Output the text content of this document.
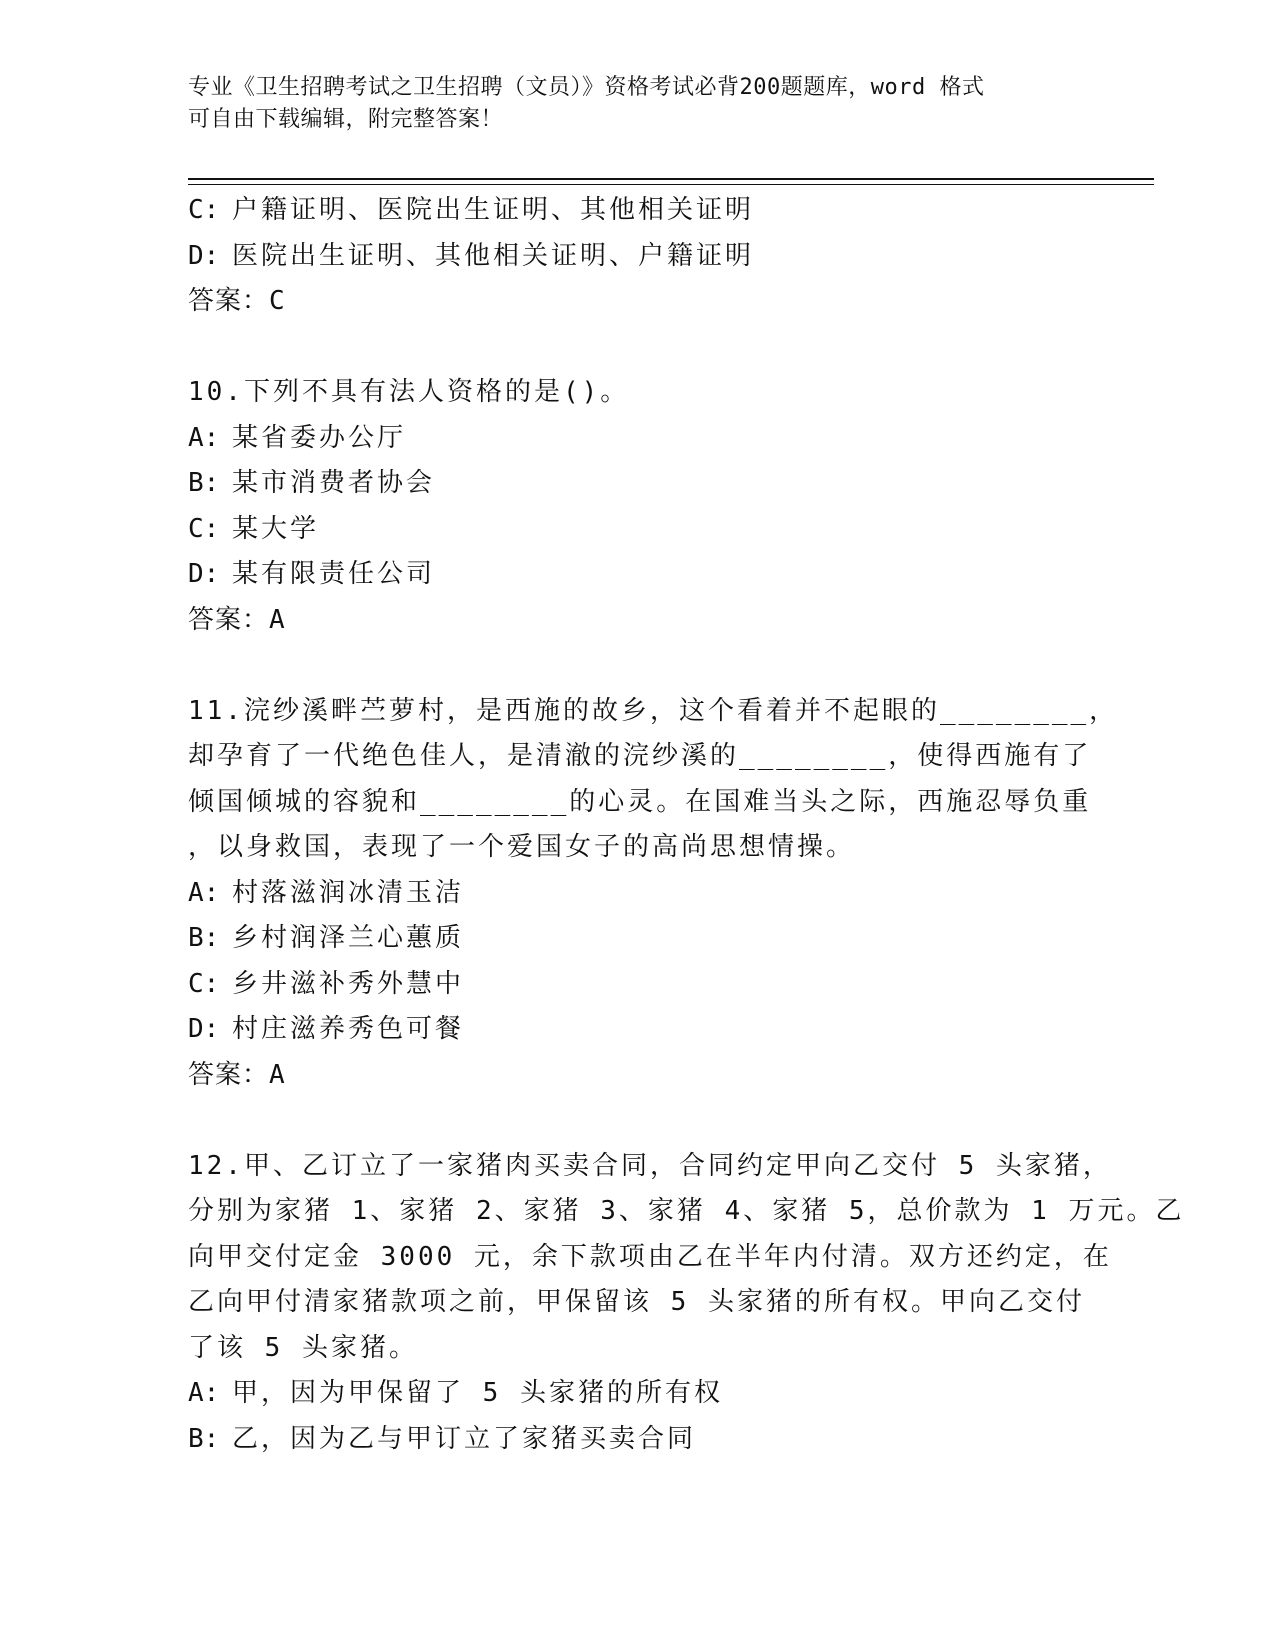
专业《卫生招聘考试之卫生招聘（文员）》资格考试必背200题题库，word 格式
可自由下载编辑，附完整答案！
C: 户籍证明、医院出生证明、其他相关证明
D: 医院出生证明、其他相关证明、户籍证明
答案：C
10.下列不具有法人资格的是()。
A: 某省委办公厅
B: 某市消费者协会
C: 某大学
D: 某有限责任公司
答案：A
11.浣纱溪畔苎萝村，是西施的故乡，这个看着并不起眼的________，
却孕育了一代绝色佳人，是清澈的浣纱溪的________，使得西施有了
倾国倾城的容貌和________的心灵。在国难当头之际，西施忍辱负重
，以身救国，表现了一个爱国女子的高尚思想情操。
A: 村落滋润冰清玉洁
B: 乡村润泽兰心蕙质
C: 乡井滋补秀外慧中
D: 村庄滋养秀色可餐
答案：A
12.甲、乙订立了一家猪肉买卖合同，合同约定甲向乙交付 5 头家猪，
分别为家猪 1、家猪 2、家猪 3、家猪 4、家猪 5，总价款为 1 万元。乙
向甲交付定金 3000 元，余下款项由乙在半年内付清。双方还约定，在
乙向甲付清家猪款项之前，甲保留该 5 头家猪的所有权。甲向乙交付
了该 5 头家猪。
A: 甲，因为甲保留了 5 头家猪的所有权
B: 乙，因为乙与甲订立了家猪买卖合同
